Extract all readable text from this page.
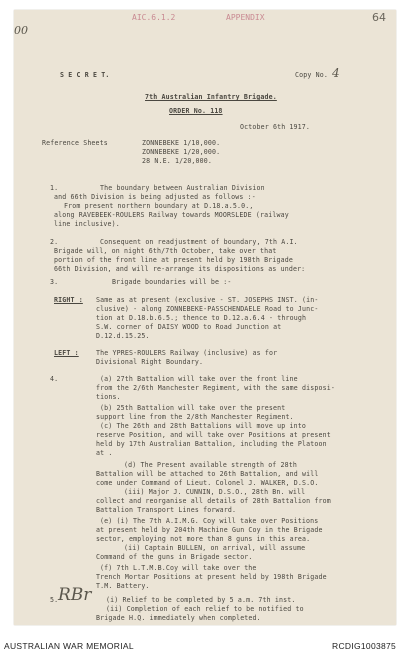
AIC.6.1.2	APPENDIX	64
00
S E C R E T.	Copy No. 4
7th Australian Infantry Brigade.
ORDER No. 118
October 6th 1917.
Reference Sheets	ZONNEBEKE 1/10,000.
ZONNEBEKE 1/20,000.
28 N.E. 1/20,000.
1.	The boundary between Australian Division
and 66th Division is being adjusted as follows :-
From present northern boundary at D.18.a.5.0.,
along RAVEBEEK-ROULERS Railway towards MOORSLEDE (railway
line inclusive).
2.	Consequent on readjustment of boundary, 7th A.I.
Brigade will, on night 6th/7th October, take over that
portion of the front line at present held by 198th Brigade
66th Division, and will re-arrange its dispositions as under:
3.	Brigade boundaries will be :-
RIGHT : Same as at present (exclusive - ST. JOSEPHS INST. (in-
clusive) - along ZONNEBEKE-PASSCHENDAELE Road to Junc-
tion at D.18.b.6.5.; thence to D.12.a.6.4 - through
S.W. corner of DAISY WOOD to Road Junction at
D.12.d.15.25.
LEFT :	The YPRES-ROULERS Railway (inclusive) as for
Divisional Right Boundary.
4.	(a) 27th Battalion will take over the front line
from the 2/6th Manchester Regiment, with the same disposi-
tions.
(b) 25th Battalion will take over the present
support line from the 2/8th Manchester Regiment.
(c) The 26th and 28th Battalions will move up into
reserve Position, and will take over Positions at present
held by 17th Australian Battalion, including the Platoon
at .
(d) The Present available strength of 28th
Battalion will be attached to 26th Battalion, and will
come under Command of Lieut. Colonel J. WALKER, D.S.O.
(iii) Major J. CUNNIN, D.S.O., 28th Bn. will
collect and reorganise all details of 28th Battalion from
Battalion Transport Lines forward.
(e) (i) The 7th A.I.M.G. Coy will take over Positions
at present held by 204th Machine Gun Coy in the Brigade
sector, employing not more than 8 guns in this area.
(ii) Captain BULLEN, on arrival, will assume
Command of the guns in Brigade sector.
(f) 7th L.T.M.B.Coy will take over the
Trench Mortar Positions at present held by 198th Brigade
T.M. Battery.
5.	(i) Relief to be completed by 5 a.m. 7th inst.
(ii) Completion of each relief to be notified to
Brigade H.Q. immediately when completed.
RBr
AUSTRALIAN WAR MEMORIAL	RCDIG1003875
